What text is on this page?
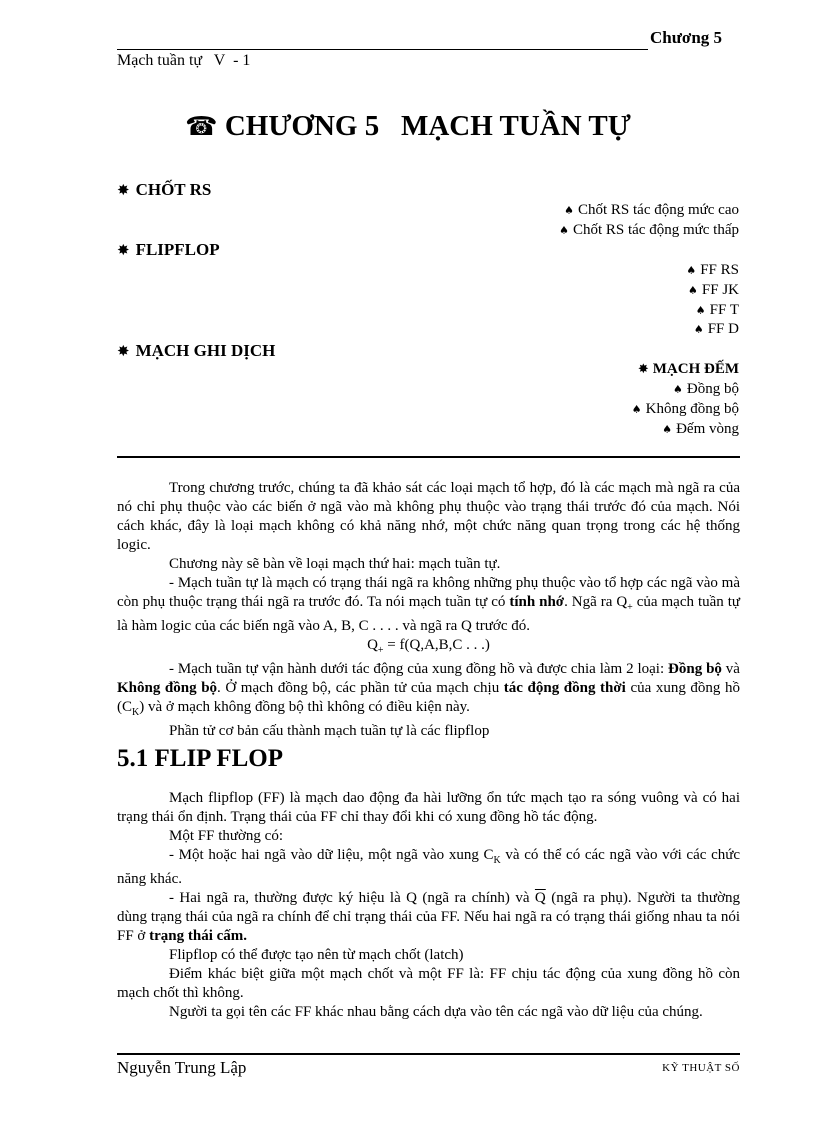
Chương 5
Mạch tuần tự   V  - 1
☎ CHƯƠNG 5   MẠCH TUẦN TỰ
✸ CHỐT RS
♠ Chốt RS tác động mức cao
♠ Chốt RS tác động mức thấp
✸ FLIPFLOP
♠ FF RS
♠ FF JK
♠ FF T
♠ FF D
✸ MẠCH GHI DỊCH
✸ MẠCH ĐẾM
♠ Đồng bộ
♠ Không đồng bộ
♠ Đếm vòng

Trong chương trước, chúng ta đã khảo sát các loại mạch tổ hợp, đó là các mạch mà ngã ra của nó chỉ phụ thuộc vào các biến ở ngã vào mà không phụ thuộc vào trạng thái trước đó của mạch. Nói cách khác, đây là loại mạch không có khả năng nhớ, một chức năng quan trọng trong các hệ thống logic.

Chương này sẽ bàn về loại mạch thứ hai: mạch tuần tự.

- Mạch tuần tự là mạch có trạng thái ngã ra không những phụ thuộc vào tổ hợp các ngã vào mà còn phụ thuộc trạng thái ngã ra trước đó. Ta nói mạch tuần tự có tính nhớ. Ngã ra $Q_+$ của mạch tuần tự là hàm logic của các biến ngã vào A, B, C . . . . và ngã ra Q trước đó.

$Q_+ = f(Q,A,B,C$ . . .)

- Mạch tuần tự vận hành dưới tác động của xung đồng hồ và được chia làm 2 loại: Đồng bộ và Không đồng bộ. Ở mạch đồng bộ, các phần tử của mạch chịu tác động đồng thời của xung đồng hồ $(C_K)$ và ở mạch không đồng bộ thì không có điều kiện này.

Phần tử cơ bản cấu thành mạch tuần tự là các flipflop

5.1 FLIP FLOP

Mạch flipflop (FF) là mạch dao động đa hài lưỡng ổn tức mạch tạo ra sóng vuông và có hai trạng thái ổn định. Trạng thái của FF chỉ thay đổi khi có xung đồng hồ tác động.

Một FF thường có:

- Một hoặc hai ngã vào dữ liệu, một ngã vào xung $C_K$ và có thể có các ngã vào với các chức năng khác.

- Hai ngã ra, thường được ký hiệu là Q (ngã ra chính) và $\overline{Q}$ (ngã ra phụ). Người ta thường dùng trạng thái của ngã ra chính để chỉ trạng thái của FF. Nếu hai ngã ra có trạng thái giống nhau ta nói FF ở trạng thái cấm.

Flipflop có thể được tạo nên từ mạch chốt (latch)

Điểm khác biệt giữa một mạch chốt và một FF là: FF chịu tác động của xung đồng hồ còn mạch chốt thì không.

Người ta gọi tên các FF khác nhau bằng cách dựa vào tên các ngã vào dữ liệu của chúng.

Nguyễn Trung Lập	KỸ THUẬT SỐ
